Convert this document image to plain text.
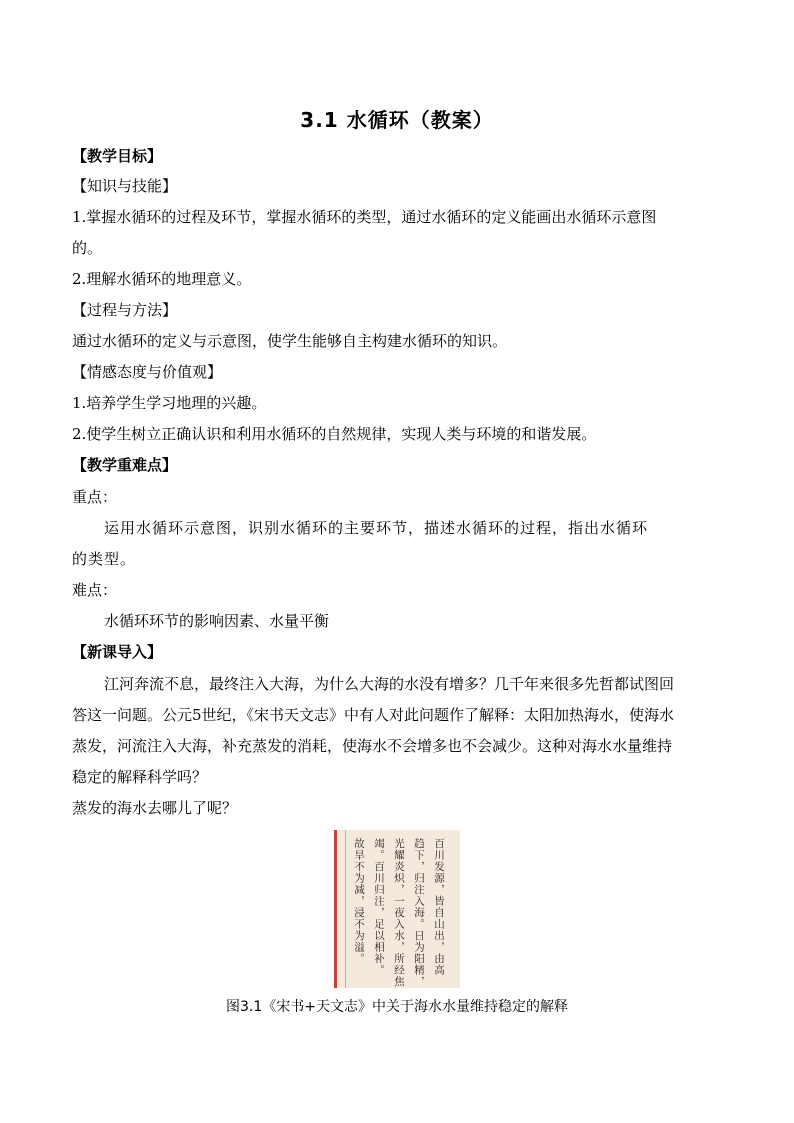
3.1 水循环（教案）
【教学目标】
【知识与技能】
1.掌握水循环的过程及环节，掌握水循环的类型，通过水循环的定义能画出水循环示意图
的。
2.理解水循环的地理意义。
【过程与方法】
通过水循环的定义与示意图，使学生能够自主构建水循环的知识。
【情感态度与价值观】
1.培养学生学习地理的兴趣。
2.使学生树立正确认识和利用水循环的自然规律，实现人类与环境的和谐发展。
【教学重难点】
重点：
运用水循环示意图，识别水循环的主要环节，描述水循环的过程，指出水循环
的类型。
难点：
水循环环节的影响因素、水量平衡
【新课导入】
江河奔流不息，最终注入大海，为什么大海的水没有增多？几千年来很多先哲都试图回
答这一问题。公元5世纪，《宋书天文志》中有人对此问题作了解释：太阳加热海水，使海水
蒸发，河流注入大海，补充蒸发的消耗，使海水不会增多也不会减少。这种对海水水量维持
稳定的解释科学吗？
蒸发的海水去哪儿了呢？
百川发源，皆自山出，由高
趋下，归注入海。日为阳精，
光耀炎炽，一夜入水，所经焦
竭。百川归注，足以相补。
故旱不为减，浸不为溢。
图3.1《宋书+天文志》中关于海水水量维持稳定的解释
